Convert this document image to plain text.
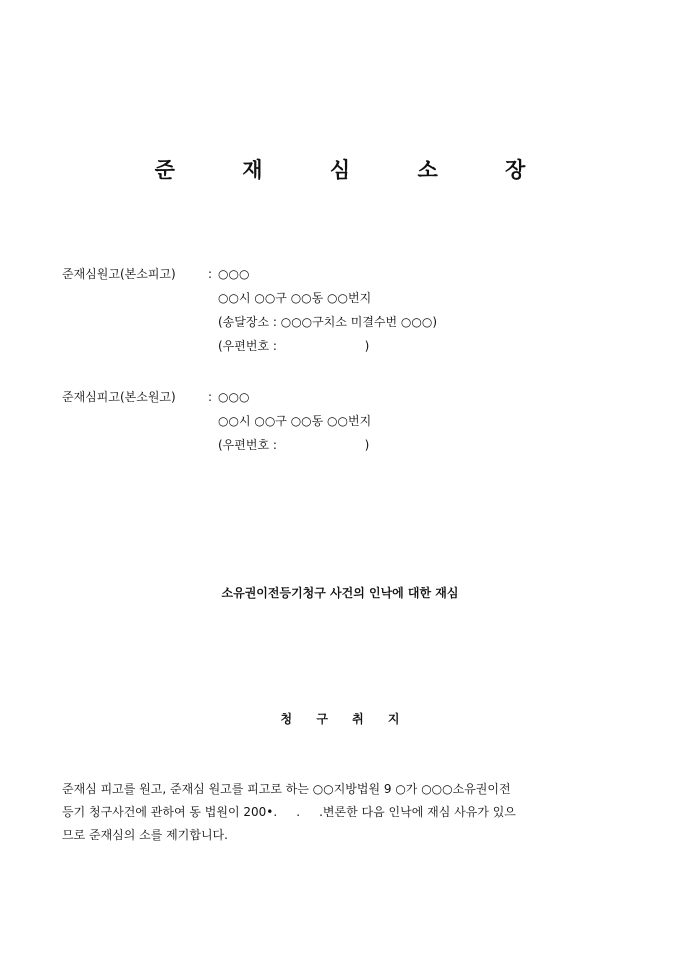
준 재 심 소 장
준재심원고(본소피고)	: ○○○
○○시 ○○구 ○○동 ○○번지
(송달장소 : ○○○구치소 미결수번 ○○○)
(우편번호 :                       )
준재심피고(본소원고)	: ○○○
○○시 ○○구 ○○동 ○○번지
(우편번호 :                       )
소유권이전등기청구 사건의 인낙에 대한 재심
청 구 취 지
준재심 피고를 원고, 준재심 원고를 피고로 하는 ○○지방법원 9 ○가 ○○○소유권이전
등기 청구사건에 관하여 동 법원이 200•.     .     .변론한 다음 인낙에 재심 사유가 있으
므로 준재심의 소를 제기합니다.
